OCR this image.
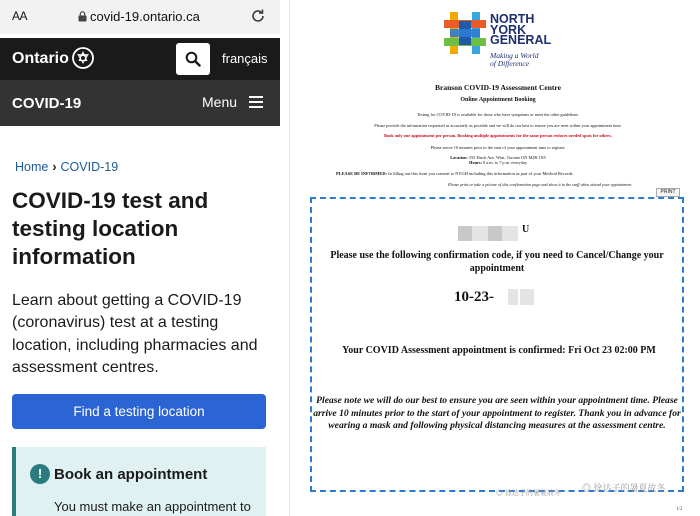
AA	covid-19.ontario.ca
Ontario	français
COVID-19	Menu
Home › COVID-19
COVID-19 test and testing location information

Learn about getting a COVID-19 (coronavirus) test at a testing location, including pharmacies and assessment centres.

Find a testing location
! Book an appointment
You must make an appointment to
NORTH
YORK
GENERAL
Making a World
of Difference
Branson COVID-19 Assessment Centre
Online Appointment Booking
Testing for COVID-19 is available for those who have symptoms or meet the other guidelines.
Please provide the information requested as accurately as possible and we will do our best to ensure you are seen within your appointment time.
Book only one appointment per person. Booking multiple appointments for the same person reduces needed spots for others.
Please arrive 10 minutes prior to the start of your appointment time to register.
Location: 555 Finch Ave. West, Toronto ON M2R 1N5
Hours: 8 a.m. to 7 p.m. everyday
PLEASE BE INFORMED: In filling out this form you consent to NYGH including this information as part of your Medical Records.
Please print or take a picture of this confirmation page and show it to the staff when attend your appointment
PRINT
U
Please use the following confirmation code, if you need to Cancel/Change your appointment
10-23-
Your COVID Assessment appointment is confirmed: Fri Oct 23 02:00 PM
Please note we will do our best to ensure you are seen within your appointment time. Please arrive 10 minutes prior to the start of your appointment to register. Thank you in advance for wearing a mask and following physical distancing measures at the assessment centre.
◎ 徐达子的暑夏故冬
◎ 徐达子的暑夏故冬
1/2
